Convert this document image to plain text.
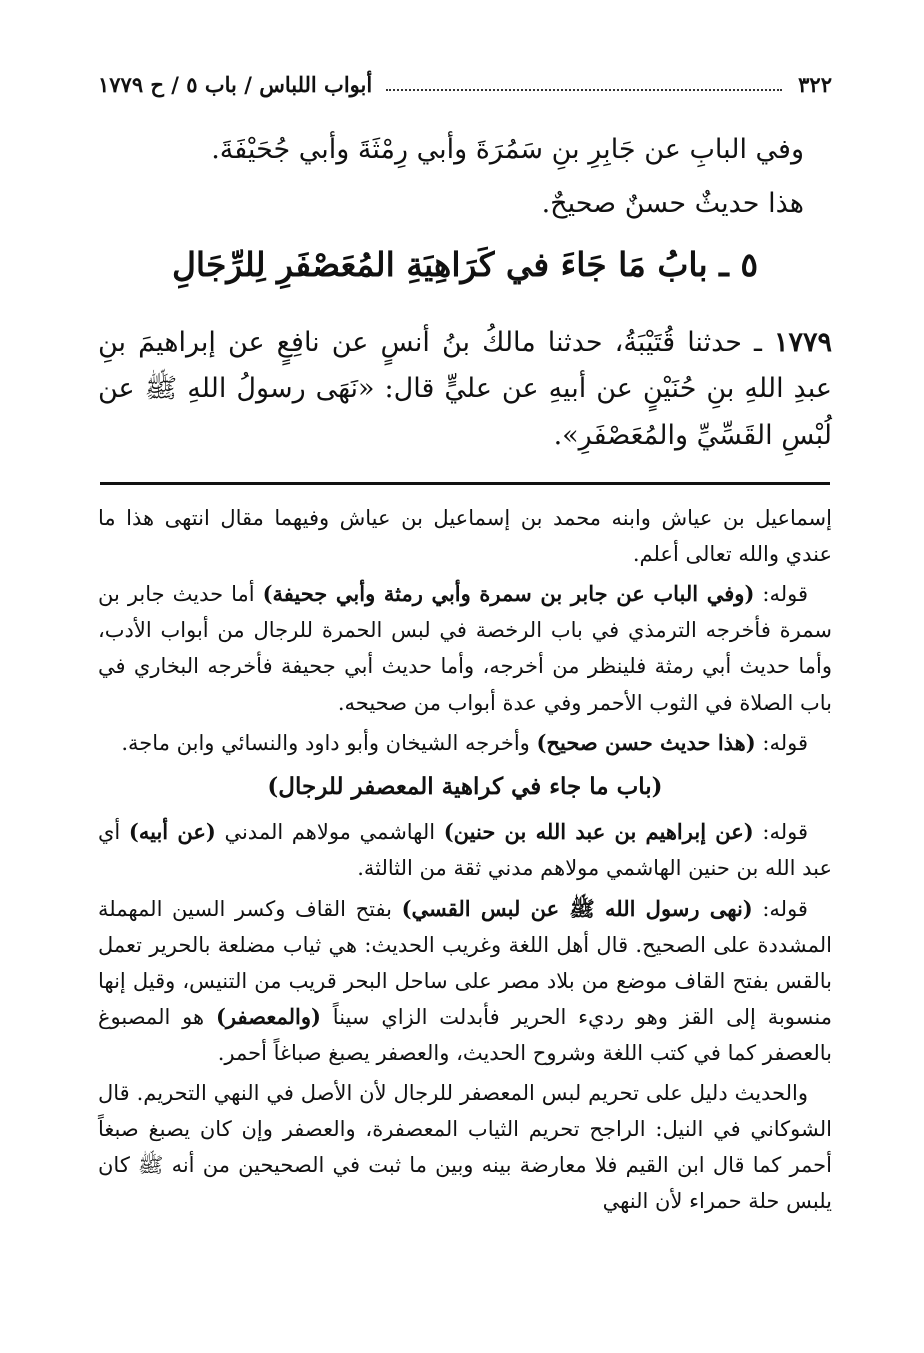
٣٢٢
أبواب اللباس / باب ٥ / ح ١٧٧٩
وفي البابِ عن جَابِرِ بنِ سَمُرَةَ وأبي رِمْثَةَ وأبي جُحَيْفَةَ.
هذا حديثٌ حسنٌ صحيحٌ.
٥ ـ بابُ مَا جَاءَ في كَرَاهِيَةِ المُعَصْفَرِ لِلرِّجَالِ
١٧٧٩ ـ حدثنا قُتَيْبَةُ، حدثنا مالكُ بنُ أنسٍ عن نافِعٍ عن إبراهيمَ بنِ عبدِ اللهِ بنِ حُنَيْنٍ عن أبيهِ عن عليٍّ قال: «نَهَى رسولُ اللهِ ﷺ عن لُبْسِ القَسِّيِّ والمُعَصْفَرِ».

إسماعيل بن عياش وابنه محمد بن إسماعيل بن عياش وفيهما مقال انتهى هذا ما عندي والله تعالى أعلم.

قوله: (وفي الباب عن جابر بن سمرة وأبي رمثة وأبي جحيفة) أما حديث جابر بن سمرة فأخرجه الترمذي في باب الرخصة في لبس الحمرة للرجال من أبواب الأدب، وأما حديث أبي رمثة فلينظر من أخرجه، وأما حديث أبي جحيفة فأخرجه البخاري في باب الصلاة في الثوب الأحمر وفي عدة أبواب من صحيحه.

قوله: (هذا حديث حسن صحيح) وأخرجه الشيخان وأبو داود والنسائي وابن ماجة.

(باب ما جاء في كراهية المعصفر للرجال)

قوله: (عن إبراهيم بن عبد الله بن حنين) الهاشمي مولاهم المدني (عن أبيه) أي عبد الله بن حنين الهاشمي مولاهم مدني ثقة من الثالثة.

قوله: (نهى رسول الله ﷺ عن لبس القسي) بفتح القاف وكسر السين المهملة المشددة على الصحيح. قال أهل اللغة وغريب الحديث: هي ثياب مضلعة بالحرير تعمل بالقس بفتح القاف موضع من بلاد مصر على ساحل البحر قريب من التنيس، وقيل إنها منسوبة إلى القز وهو رديء الحرير فأبدلت الزاي سيناً (والمعصفر) هو المصبوغ بالعصفر كما في كتب اللغة وشروح الحديث، والعصفر يصبغ صباغاً أحمر.

والحديث دليل على تحريم لبس المعصفر للرجال لأن الأصل في النهي التحريم. قال الشوكاني في النيل: الراجح تحريم الثياب المعصفرة، والعصفر وإن كان يصبغ صبغاً أحمر كما قال ابن القيم فلا معارضة بينه وبين ما ثبت في الصحيحين من أنه ﷺ كان يلبس حلة حمراء لأن النهي
